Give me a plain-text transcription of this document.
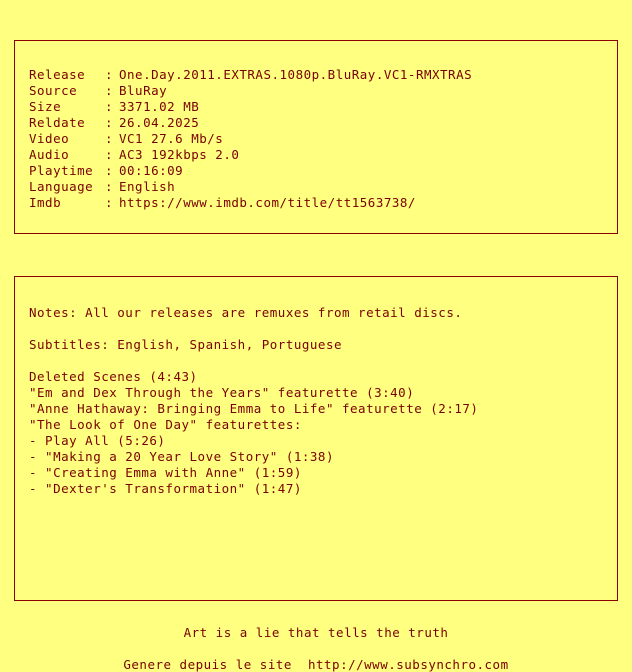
Release : One.Day.2011.EXTRAS.1080p.BluRay.VC1-RMXTRAS
Source : BluRay
Size	: 3371.02 MB
Reldate : 26.04.2025
Video	: VC1 27.6 Mb/s
Audio	: AC3 192kbps 2.0
Playtime : 00:16:09
Language : English
Imdb	: https://www.imdb.com/title/tt1563738/
Notes: All our releases are remuxes from retail discs.
Subtitles: English, Spanish, Portuguese
Deleted Scenes (4:43)
"Em and Dex Through the Years" featurette (3:40)
"Anne Hathaway: Bringing Emma to Life" featurette (2:17)
"The Look of One Day" featurettes:
- Play All (5:26)
- "Making a 20 Year Love Story" (1:38)
- "Creating Emma with Anne" (1:59)
- "Dexter's Transformation" (1:47)
Art is a lie that tells the truth
Genere depuis le site  http://www.subsynchro.com
